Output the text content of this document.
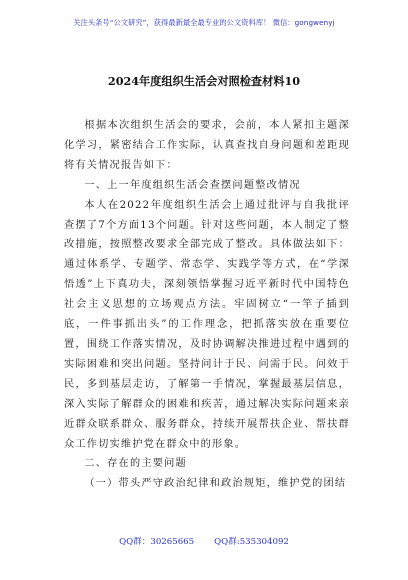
关注头条号“公文研究”，获得最新最全最专业的公文资料库！ 微信：gongwenyj
2024年度组织生活会对照检查材料10

根据本次组织生活会的要求，会前，本人紧扣主题深化学习，紧密结合工作实际，认真查找自身问题和差距现将有关情况报告如下：

一、上一年度组织生活会查摆问题整改情况

本人在2022年度组织生活会上通过批评与自我批评查摆了7个方面13个问题。针对这些问题，本人制定了整改措施，按照整改要求全部完成了整改。具体做法如下：通过体系学、专题学、常态学、实践学等方式，在“学深悟透”上下真功夫，深刻领悟掌握习近平新时代中国特色社会主义思想的立场观点方法。牢固树立“一竿子插到底，一件事抓出头”的工作理念，把抓落实放在重要位置，围绕工作落实情况，及时协调解决推进过程中遇到的实际困难和突出问题。坚持问计于民、问需于民。问效于民，多到基层走访，了解第一手情况，掌握最基层信息，深入实际了解群众的困难和疾苦，通过解决实际问题来亲近群众联系群众、服务群众，持续开展帮扶企业、帮扶群众工作切实维护党在群众中的形象。

二、存在的主要问题

（一）带头严守政治纪律和政治规矩，维护党的团结

QQ群：30265665 QQ群:535304092
